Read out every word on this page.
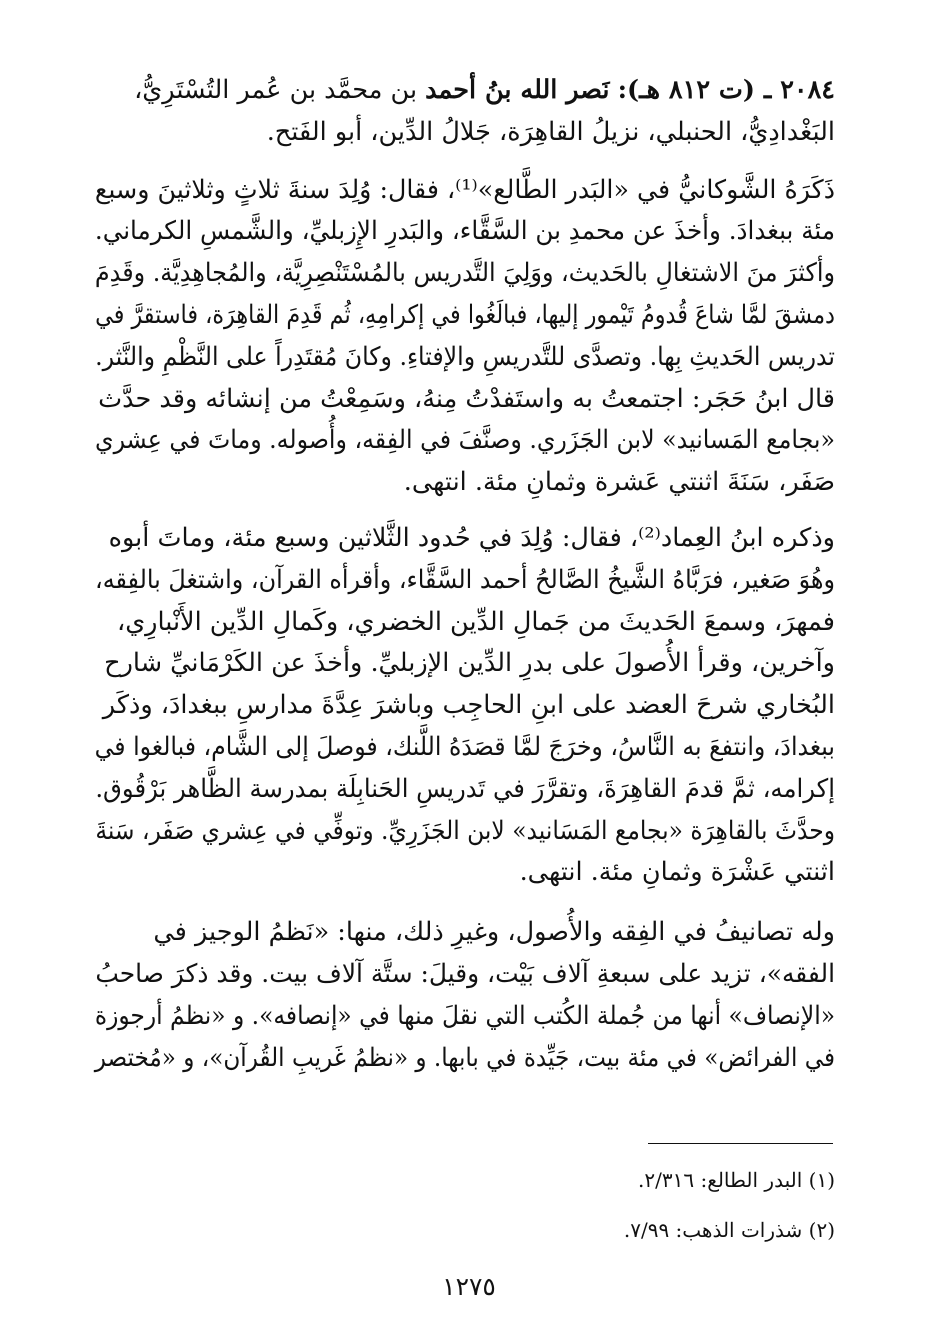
٢٠٨٤ ـ (ت ٨١٢ هـ): نَصر الله بنُ أحمد بن محمَّد بن عُمر التُسْتَرِيُّ،
البَغْدادِيُّ، الحنبلي، نزيلُ القاهِرَة، جَلالُ الدِّين، أبو الفَتح.
ذَكَرَهُ الشَّوكانيُّ في «البَدر الطَّالع»⁽¹⁾، فقال: وُلِدَ سنةَ ثلاثٍ وثلاثينَ وسبع
مئة ببغدادَ. وأخذَ عن محمدِ بن السَّقَّاء، والبَدرِ الإِزبليِّ، والشَّمسِ الكرماني.
وأكثرَ منَ الاشتغالِ بالحَديث، ووَلِيَ التَّدريس بالمُسْتَنْصِرِيَّة، والمُجاهِدِيَّة. وقَدِمَ
دمشقَ لمَّا شاعَ قُدومُ تَيْمور إليها، فبالَغُوا في إكرامِهِ، ثُم قَدِمَ القاهِرَة، فاستقرَّ في
تدريس الحَديثِ بِها. وتصدَّى للتَّدريسِ والإفتاءِ. وكانَ مُقتَدِراً على النَّظْمِ والنَّثر.
قال ابنُ حَجَر: اجتمعتُ به واستَفدْتُ مِنهُ، وسَمِعْتُ من إنشائه وقد حدَّث
«بجامع المَسانيد» لابن الجَزَري. وصنَّفَ في الفِقه، وأُصوله. وماتَ في عِشري
صَفَر، سَنَةَ اثنتي عَشرة وثمانِ مئة. انتهى.
وذكره ابنُ العِماد⁽²⁾، فقال: وُلِدَ في حُدود الثَّلاثين وسبع مئة، وماتَ أبوه
وهُوَ صَغير، فرَبَّاهُ الشَّيخُ الصَّالحُ أحمد السَّقَّاء، وأقرأه القرآن، واشتغلَ بالفِقه،
فمهرَ، وسمعَ الحَديثَ من جَمالِ الدِّين الخضري، وكَمالِ الدِّين الأَنْبارِي،
وآخرين، وقرأ الأُصولَ على بدرِ الدِّين الإزبليِّ. وأخذَ عن الكَرْمَانيِّ شارح
البُخاري شرحَ العضد على ابنِ الحاجِب وباشرَ عِدَّةَ مدارسِ ببغدادَ، وذكَر
ببغدادَ، وانتفعَ به النَّاسُ، وخرَجَ لمَّا قصَدَهُ اللَّنك، فوصلَ إلى الشَّام، فبالغوا في
إكرامه، ثمَّ قدمَ القاهِرَةَ، وتقرَّرَ في تَدريسِ الحَنابِلَة بمدرسة الظَّاهر بَرْقُوق.
وحدَّثَ بالقاهِرَة «بجامع المَسَانيد» لابن الجَزَرِيِّ. وتوفِّي في عِشري صَفَر، سَنةَ
اثنتي عَشْرَة وثمانِ مئة. انتهى.
وله تصانيفُ في الفِقه والأُصول، وغيرِ ذلك، منها: «نَظمُ الوجيز في
الفقه»، تزيد على سبعةِ آلاف بَيْت، وقيلَ: ستَّة آلاف بيت. وقد ذكرَ صاحبُ
«الإنصاف» أنها من جُملة الكُتب التي نقلَ منها في «إنصافه». و «نظمُ أرجوزة
في الفرائض» في مئة بيت، جَيِّدة في بابها. و «نظمُ غَريبِ القُرآن»، و «مُختصر
(١) البدر الطالع: ٢/٣١٦.
(٢) شذرات الذهب: ٧/٩٩.
١٢٧٥
